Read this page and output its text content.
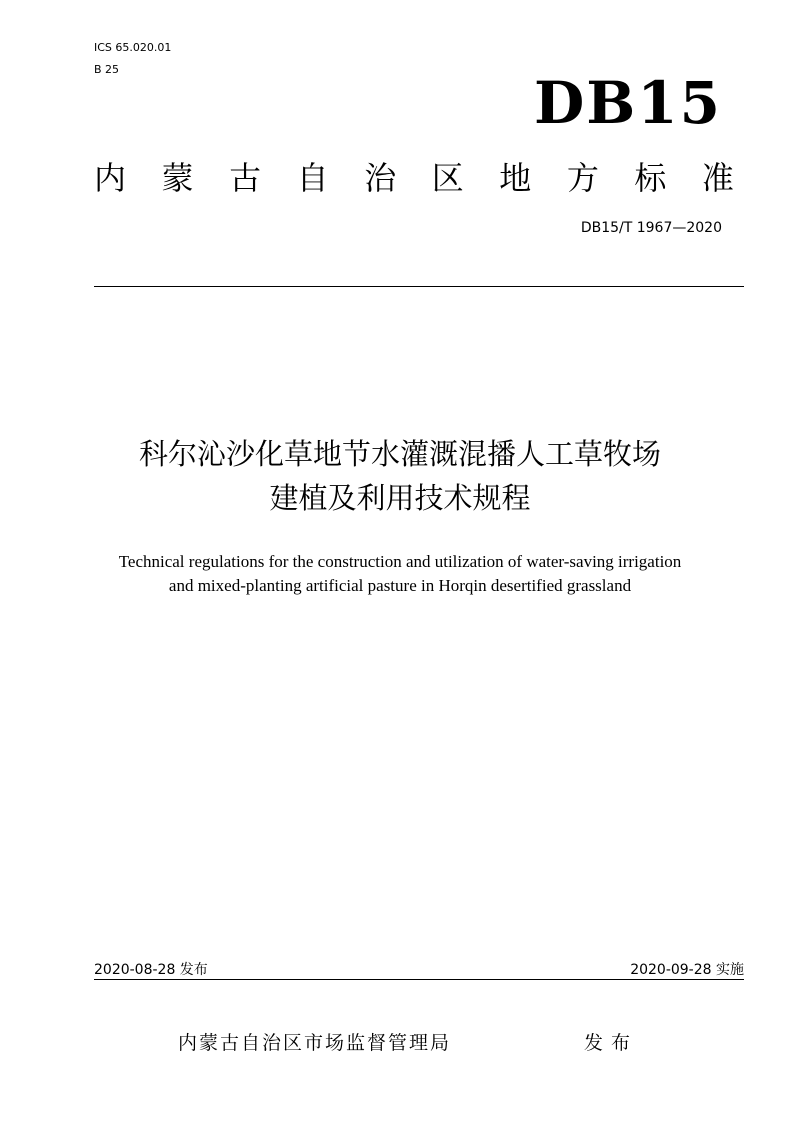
ICS 65.020.01
B 25	DB15
内 蒙 古 自 治 区 地 方 标 准
DB15/T 1967—2020
科尔沁沙化草地节水灌溉混播人工草牧场
建植及利用技术规程
Technical regulations for the construction and utilization of water-saving irrigation
and mixed-planting artificial pasture in Horqin desertified grassland
2020-08-28 发布	2020-09-28 实施
内蒙古自治区市场监督管理局	发布
